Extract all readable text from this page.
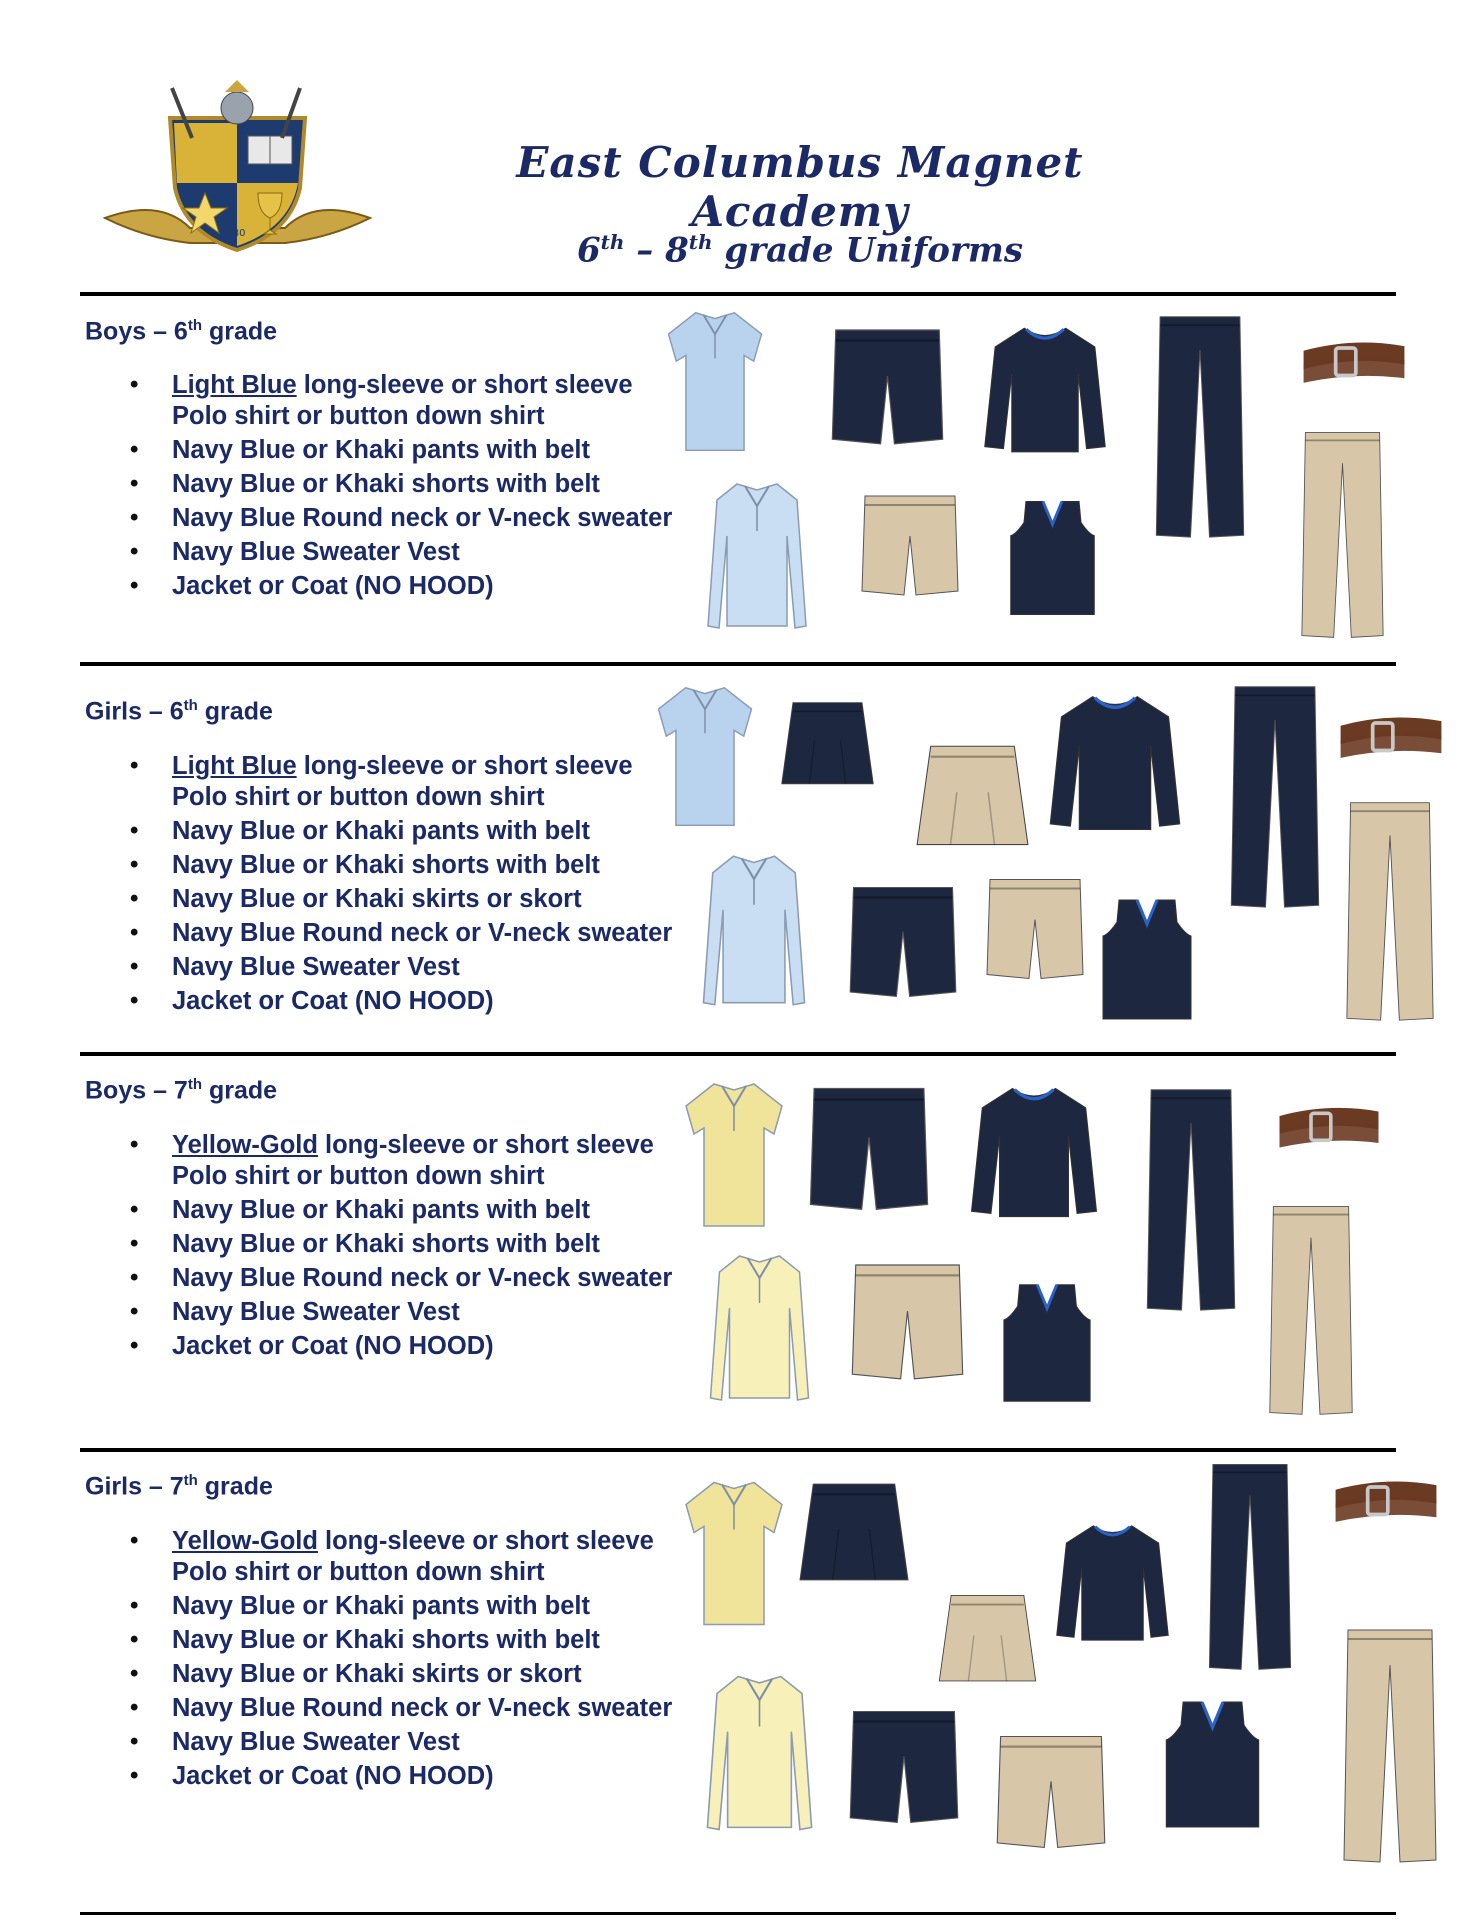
1880
East Columbus Magnet Academy
6th – 8th grade Uniforms
Boys – 6th grade
• Light Blue long-sleeve or short sleeve
Polo shirt or button down shirt
• Navy Blue or Khaki pants with belt
• Navy Blue or Khaki shorts with belt
• Navy Blue Round neck or V-neck sweater
• Navy Blue Sweater Vest
• Jacket or Coat (NO HOOD)
Girls – 6th grade
• Light Blue long-sleeve or short sleeve
Polo shirt or button down shirt
• Navy Blue or Khaki pants with belt
• Navy Blue or Khaki shorts with belt
• Navy Blue or Khaki skirts or skort
• Navy Blue Round neck or V-neck sweater
• Navy Blue Sweater Vest
• Jacket or Coat (NO HOOD)
Boys – 7th grade
• Yellow-Gold long-sleeve or short sleeve
Polo shirt or button down shirt
• Navy Blue or Khaki pants with belt
• Navy Blue or Khaki shorts with belt
• Navy Blue Round neck or V-neck sweater
• Navy Blue Sweater Vest
• Jacket or Coat (NO HOOD)
Girls – 7th grade
• Yellow-Gold long-sleeve or short sleeve
Polo shirt or button down shirt
• Navy Blue or Khaki pants with belt
• Navy Blue or Khaki shorts with belt
• Navy Blue or Khaki skirts or skort
• Navy Blue Round neck or V-neck sweater
• Navy Blue Sweater Vest
• Jacket or Coat (NO HOOD)
